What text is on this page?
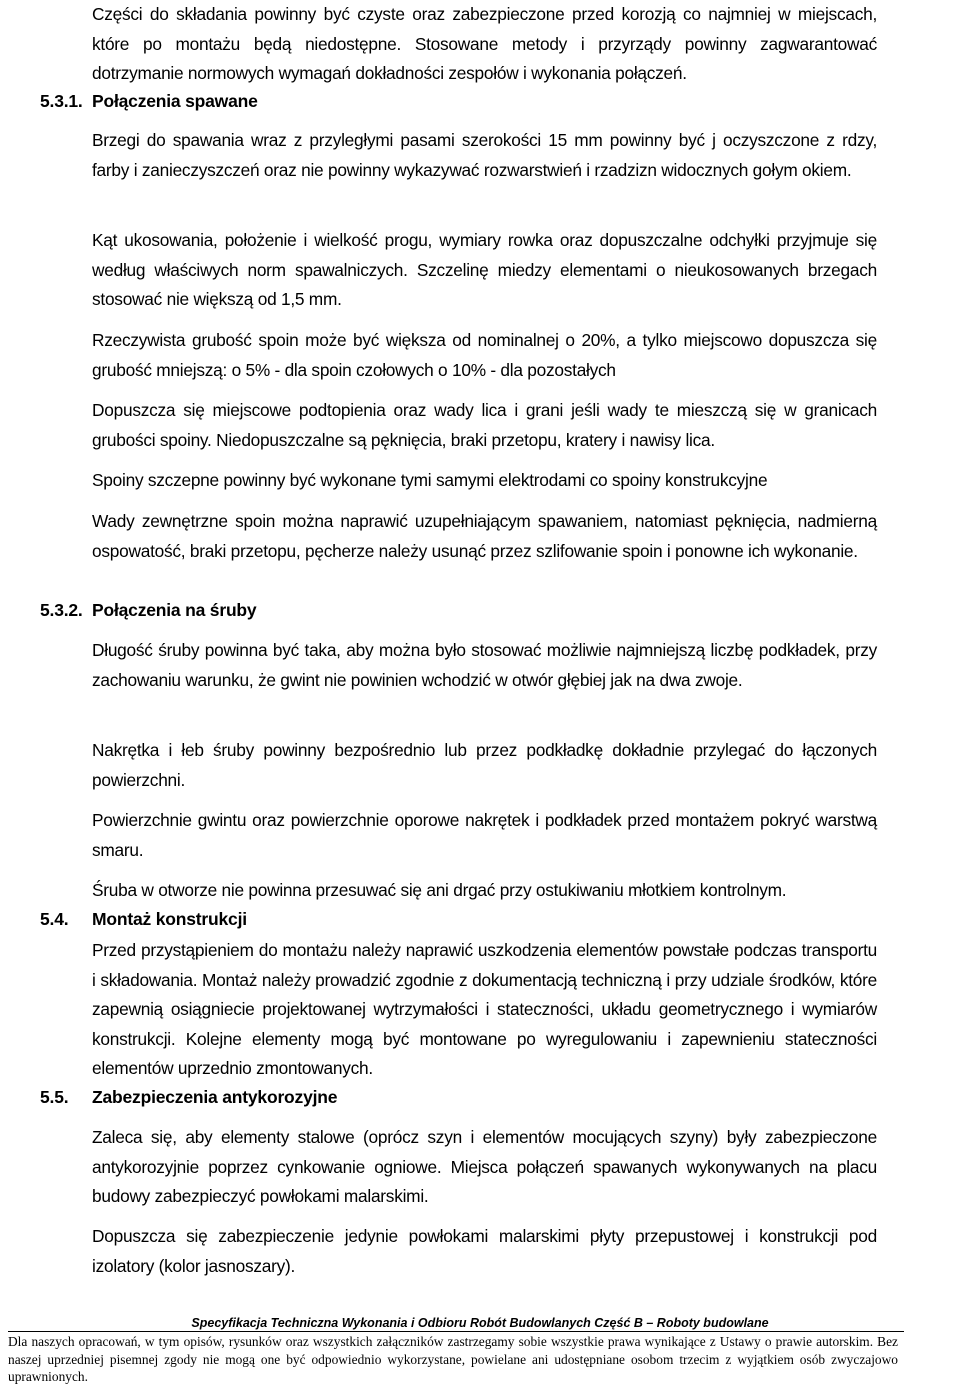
Części do składania powinny być czyste oraz zabezpieczone przed korozją co najmniej w miejscach, które po montażu będą niedostępne. Stosowane metody i przyrządy powinny zagwarantować dotrzymanie normowych wymagań dokładności zespołów i wykonania połączeń.

5.3.1. Połączenia spawane

Brzegi do spawania wraz z przyległymi pasami szerokości 15 mm powinny być j oczyszczone z rdzy, farby i zanieczyszczeń oraz nie powinny wykazywać rozwarstwień i rzadzizn widocznych gołym okiem.

Kąt ukosowania, położenie i wielkość progu, wymiary rowka oraz dopuszczalne odchyłki przyjmuje się według właściwych norm spawalniczych. Szczelinę miedzy elementami o nieukosowanych brzegach stosować nie większą od 1,5 mm.

Rzeczywista grubość spoin może być większa od nominalnej o 20%, a tylko miejscowo dopuszcza się grubość mniejszą: o 5% - dla spoin czołowych o 10% - dla pozostałych

Dopuszcza się miejscowe podtopienia oraz wady lica i grani jeśli wady te mieszczą się w granicach grubości spoiny. Niedopuszczalne są pęknięcia, braki przetopu, kratery i nawisy lica.

Spoiny szczepne powinny być wykonane tymi samymi elektrodami co spoiny konstrukcyjne

Wady zewnętrzne spoin można naprawić uzupełniającym spawaniem, natomiast pęknięcia, nadmierną ospowatość, braki przetopu, pęcherze należy usunąć przez szlifowanie spoin i ponowne ich wykonanie.

5.3.2. Połączenia na śruby

Długość śruby powinna być taka, aby można było stosować możliwie najmniejszą liczbę podkładek, przy zachowaniu warunku, że gwint nie powinien wchodzić w otwór głębiej jak na dwa zwoje.

Nakrętka i łeb śruby powinny bezpośrednio lub przez podkładkę dokładnie przylegać do łączonych powierzchni.

Powierzchnie gwintu oraz powierzchnie oporowe nakrętek i podkładek przed montażem pokryć warstwą smaru.

Śruba w otworze nie powinna przesuwać się ani drgać przy ostukiwaniu młotkiem kontrolnym.

5.4. Montaż konstrukcji

Przed przystąpieniem do montażu należy naprawić uszkodzenia elementów powstałe podczas transportu i składowania. Montaż należy prowadzić zgodnie z dokumentacją techniczną i przy udziale środków, które zapewnią osiągniecie projektowanej wytrzymałości i stateczności, układu geometrycznego i wymiarów konstrukcji. Kolejne elementy mogą być montowane po wyregulowaniu i zapewnieniu stateczności elementów uprzednio zmontowanych.

5.5. Zabezpieczenia antykorozyjne

Zaleca się, aby elementy stalowe (oprócz szyn i elementów mocujących szyny) były zabezpieczone antykorozyjnie poprzez cynkowanie ogniowe. Miejsca połączeń spawanych wykonywanych na placu budowy zabezpieczyć powłokami malarskimi.

Dopuszcza się zabezpieczenie jedynie powłokami malarskimi płyty przepustowej i konstrukcji pod izolatory (kolor jasnoszary).

Specyfikacja Techniczna Wykonania i Odbioru Robót Budowlanych Część B – Roboty budowlane

Dla naszych opracowań, w tym opisów, rysunków oraz wszystkich załączników zastrzegamy sobie wszystkie prawa wynikające z Ustawy o prawie autorskim. Bez naszej uprzedniej pisemnej zgody nie mogą one być odpowiednio wykorzystane, powielane ani udostępniane osobom trzecim z wyjątkiem osób zwyczajowo uprawnionych.
